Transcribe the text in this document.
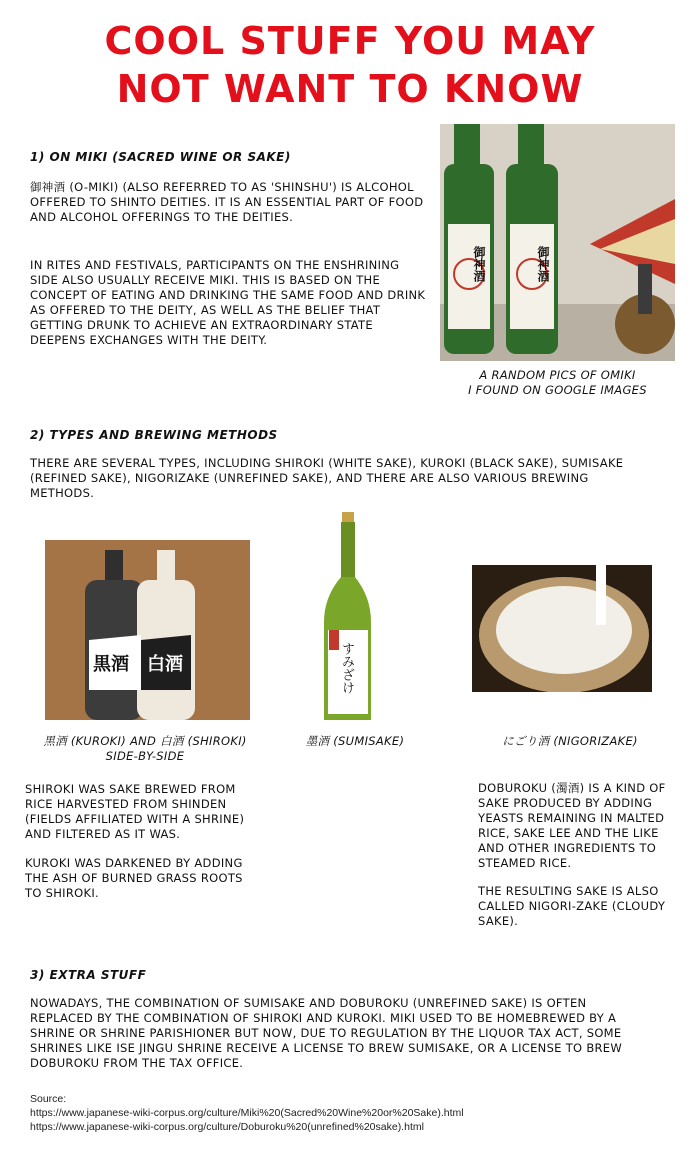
COOL STUFF YOU MAY
NOT WANT TO KNOW
1) ON MIKI (SACRED WINE OR SAKE)
御神酒 (O-MIKI) (ALSO REFERRED TO AS 'SHINSHU') IS ALCOHOL OFFERED TO SHINTO DEITIES. IT IS AN ESSENTIAL PART OF FOOD AND ALCOHOL OFFERINGS TO THE DEITIES.
IN RITES AND FESTIVALS, PARTICIPANTS ON THE ENSHRINING SIDE ALSO USUALLY RECEIVE MIKI. THIS IS BASED ON THE CONCEPT OF EATING AND DRINKING THE SAME FOOD AND DRINK AS OFFERED TO THE DEITY, AS WELL AS THE BELIEF THAT GETTING DRUNK TO ACHIEVE AN EXTRAORDINARY STATE DEEPENS EXCHANGES WITH THE DEITY.
御神酒	御神酒
A RANDOM PICS OF OMIKI
I FOUND ON GOOGLE IMAGES
2) TYPES AND BREWING METHODS
THERE ARE SEVERAL TYPES, INCLUDING SHIROKI (WHITE SAKE), KUROKI (BLACK SAKE), SUMISAKE (REFINED SAKE), NIGORIZAKE (UNREFINED SAKE), AND THERE ARE ALSO VARIOUS BREWING METHODS.
黒酒 白酒	すみざけ
黒酒 (KUROKI) AND 白酒 (SHIROKI)
SIDE-BY-SIDE
墨酒 (SUMISAKE)	にごり酒 (NIGORIZAKE)
SHIROKI WAS SAKE BREWED FROM RICE HARVESTED FROM SHINDEN (FIELDS AFFILIATED WITH A SHRINE) AND FILTERED AS IT WAS.
KUROKI WAS DARKENED BY ADDING THE ASH OF BURNED GRASS ROOTS TO SHIROKI.
DOBUROKU (濁酒) IS A KIND OF SAKE PRODUCED BY ADDING YEASTS REMAINING IN MALTED RICE, SAKE LEE AND THE LIKE AND OTHER INGREDIENTS TO STEAMED RICE.
THE RESULTING SAKE IS ALSO CALLED NIGORI-ZAKE (CLOUDY SAKE).
3) EXTRA STUFF
NOWADAYS, THE COMBINATION OF SUMISAKE AND DOBUROKU (UNREFINED SAKE) IS OFTEN REPLACED BY THE COMBINATION OF SHIROKI AND KUROKI. MIKI USED TO BE HOMEBREWED BY A SHRINE OR SHRINE PARISHIONER BUT NOW, DUE TO REGULATION BY THE LIQUOR TAX ACT, SOME SHRINES LIKE ISE JINGU SHRINE RECEIVE A LICENSE TO BREW SUMISAKE, OR A LICENSE TO BREW DOBUROKU FROM THE TAX OFFICE.
Source:
https://www.japanese-wiki-corpus.org/culture/Miki%20(Sacred%20Wine%20or%20Sake).html
https://www.japanese-wiki-corpus.org/culture/Doburoku%20(unrefined%20sake).html
